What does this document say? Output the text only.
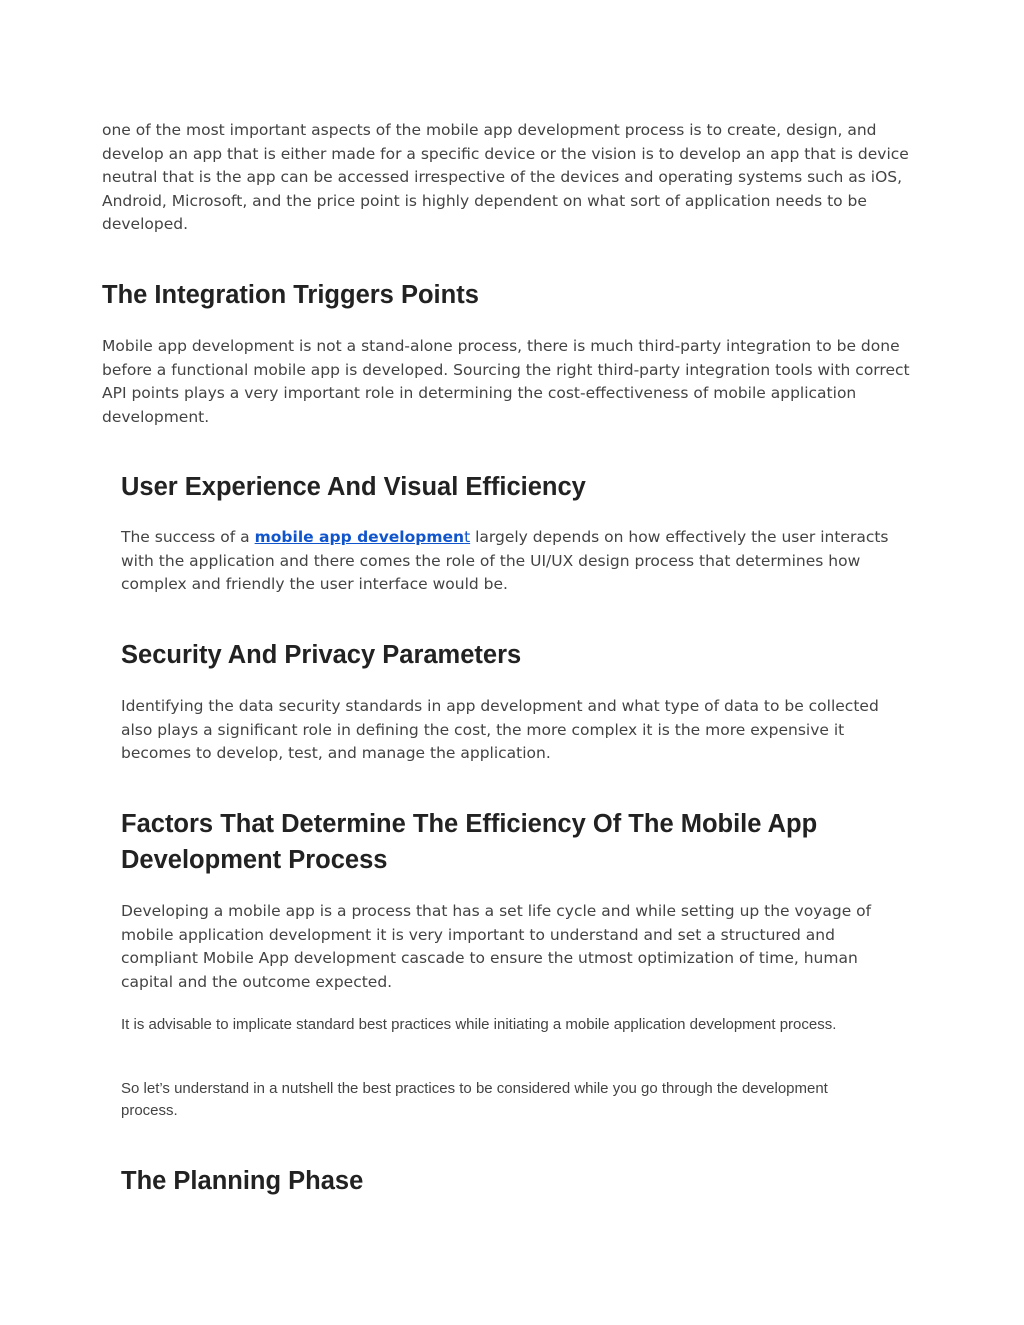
one of the most important aspects of the mobile app development process is to create, design, and develop an app that is either made for a specific device or the vision is to develop an app that is device neutral that is the app can be accessed irrespective of the devices and operating systems such as iOS, Android, Microsoft, and the price point is highly dependent on what sort of application needs to be developed.

The Integration Triggers Points

Mobile app development is not a stand-alone process, there is much third-party integration to be done before a functional mobile app is developed. Sourcing the right third-party integration tools with correct API points plays a very important role in determining the cost-effectiveness of mobile application development.

User Experience And Visual Efficiency

The success of a mobile app development largely depends on how effectively the user interacts with the application and there comes the role of the UI/UX design process that determines how complex and friendly the user interface would be.

Security And Privacy Parameters

Identifying the data security standards in app development and what type of data to be collected also plays a significant role in defining the cost, the more complex it is the more expensive it becomes to develop, test, and manage the application.

Factors That Determine The Efficiency Of The Mobile App Development Process

Developing a mobile app is a process that has a set life cycle and while setting up the voyage of mobile application development it is very important to understand and set a structured and compliant Mobile App development cascade to ensure the utmost optimization of time, human capital and the outcome expected.

It is advisable to implicate standard best practices while initiating a mobile application development process.

So let’s understand in a nutshell the best practices to be considered while you go through the development process.

The Planning Phase
